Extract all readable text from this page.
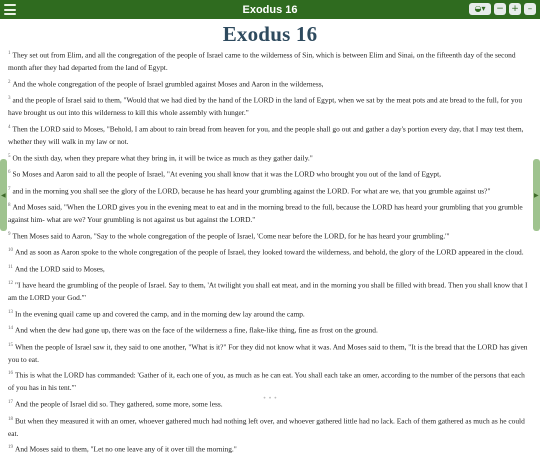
Exodus 16	◒▾	− + –
Exodus 16

$^1$ They set out from Elim, and all the congregation of the people of Israel came to the wilderness of Sin, which is between Elim and Sinai, on the fifteenth day of the second month after they had departed from the land of Egypt.

$^2$ And the whole congregation of the people of Israel grumbled against Moses and Aaron in the wilderness,

$^3$ and the people of Israel said to them, "Would that we had died by the hand of the LORD in the land of Egypt, when we sat by the meat pots and ate bread to the full, for you have brought us out into this wilderness to kill this whole assembly with hunger."

$^4$ Then the LORD said to Moses, "Behold, I am about to rain bread from heaven for you, and the people shall go out and gather a day's portion every day, that I may test them, whether they will walk in my law or not.

$^5$ On the sixth day, when they prepare what they bring in, it will be twice as much as they gather daily."

$^6$ So Moses and Aaron said to all the people of Israel, "At evening you shall know that it was the LORD who brought you out of the land of Egypt,

$^7$ and in the morning you shall see the glory of the LORD, because he has heard your grumbling against the LORD. For what are we, that you grumble against us?"

$^8$ And Moses said, "When the LORD gives you in the evening meat to eat and in the morning bread to the full, because the LORD has heard your grumbling that you grumble against him- what are we? Your grumbling is not against us but against the LORD."

$^9$ Then Moses said to Aaron, "Say to the whole congregation of the people of Israel, 'Come near before the LORD, for he has heard your grumbling.'"

$^{10}$ And as soon as Aaron spoke to the whole congregation of the people of Israel, they looked toward the wilderness, and behold, the glory of the LORD appeared in the cloud.

$^{11}$ And the LORD said to Moses,

$^{12}$ "I have heard the grumbling of the people of Israel. Say to them, 'At twilight you shall eat meat, and in the morning you shall be filled with bread. Then you shall know that I am the LORD your God.'"

$^{13}$ In the evening quail came up and covered the camp, and in the morning dew lay around the camp.

$^{14}$ And when the dew had gone up, there was on the face of the wilderness a fine, flake-like thing, fine as frost on the ground.

$^{15}$ When the people of Israel saw it, they said to one another, "What is it?" For they did not know what it was. And Moses said to them, "It is the bread that the LORD has given you to eat.

$^{16}$ This is what the LORD has commanded: 'Gather of it, each one of you, as much as he can eat. You shall each take an omer, according to the number of the persons that each of you has in his tent.'"

$^{17}$ And the people of Israel did so. They gathered, some more, some less.

$^{18}$ But when they measured it with an omer, whoever gathered much had nothing left over, and whoever gathered little had no lack. Each of them gathered as much as he could eat.

$^{19}$ And Moses said to them, "Let no one leave any of it over till the morning."

◀	▶
• • •
